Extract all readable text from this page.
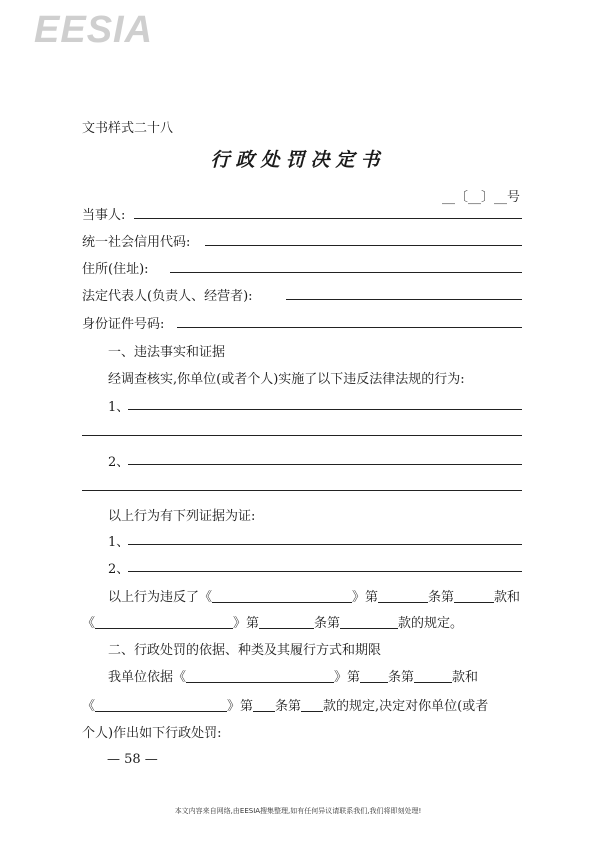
EESIA
文书样式二十八
行政处罚决定书
__〔__〕__号
当事人:
统一社会信用代码:
住所(住址):
法定代表人(负责人、经营者):
身份证件号码:
一、违法事实和证据
经调查核实,你单位(或者个人)实施了以下违反法律法规的行为:
1、
2、
以上行为有下列证据为证:
1、
2、
以上行为违反了《	》第	条第	款和
《	》第	条第	款的规定。
二、行政处罚的依据、种类及其履行方式和期限
我单位依据《	》第 条第	款和
《	》第 条第 款的规定,决定对你单位(或者
个人)作出如下行政处罚:
— 58 —
本文内容来自网络,由EESIA搜集整理,如有任何异议请联系我们,我们将即刻处理!
